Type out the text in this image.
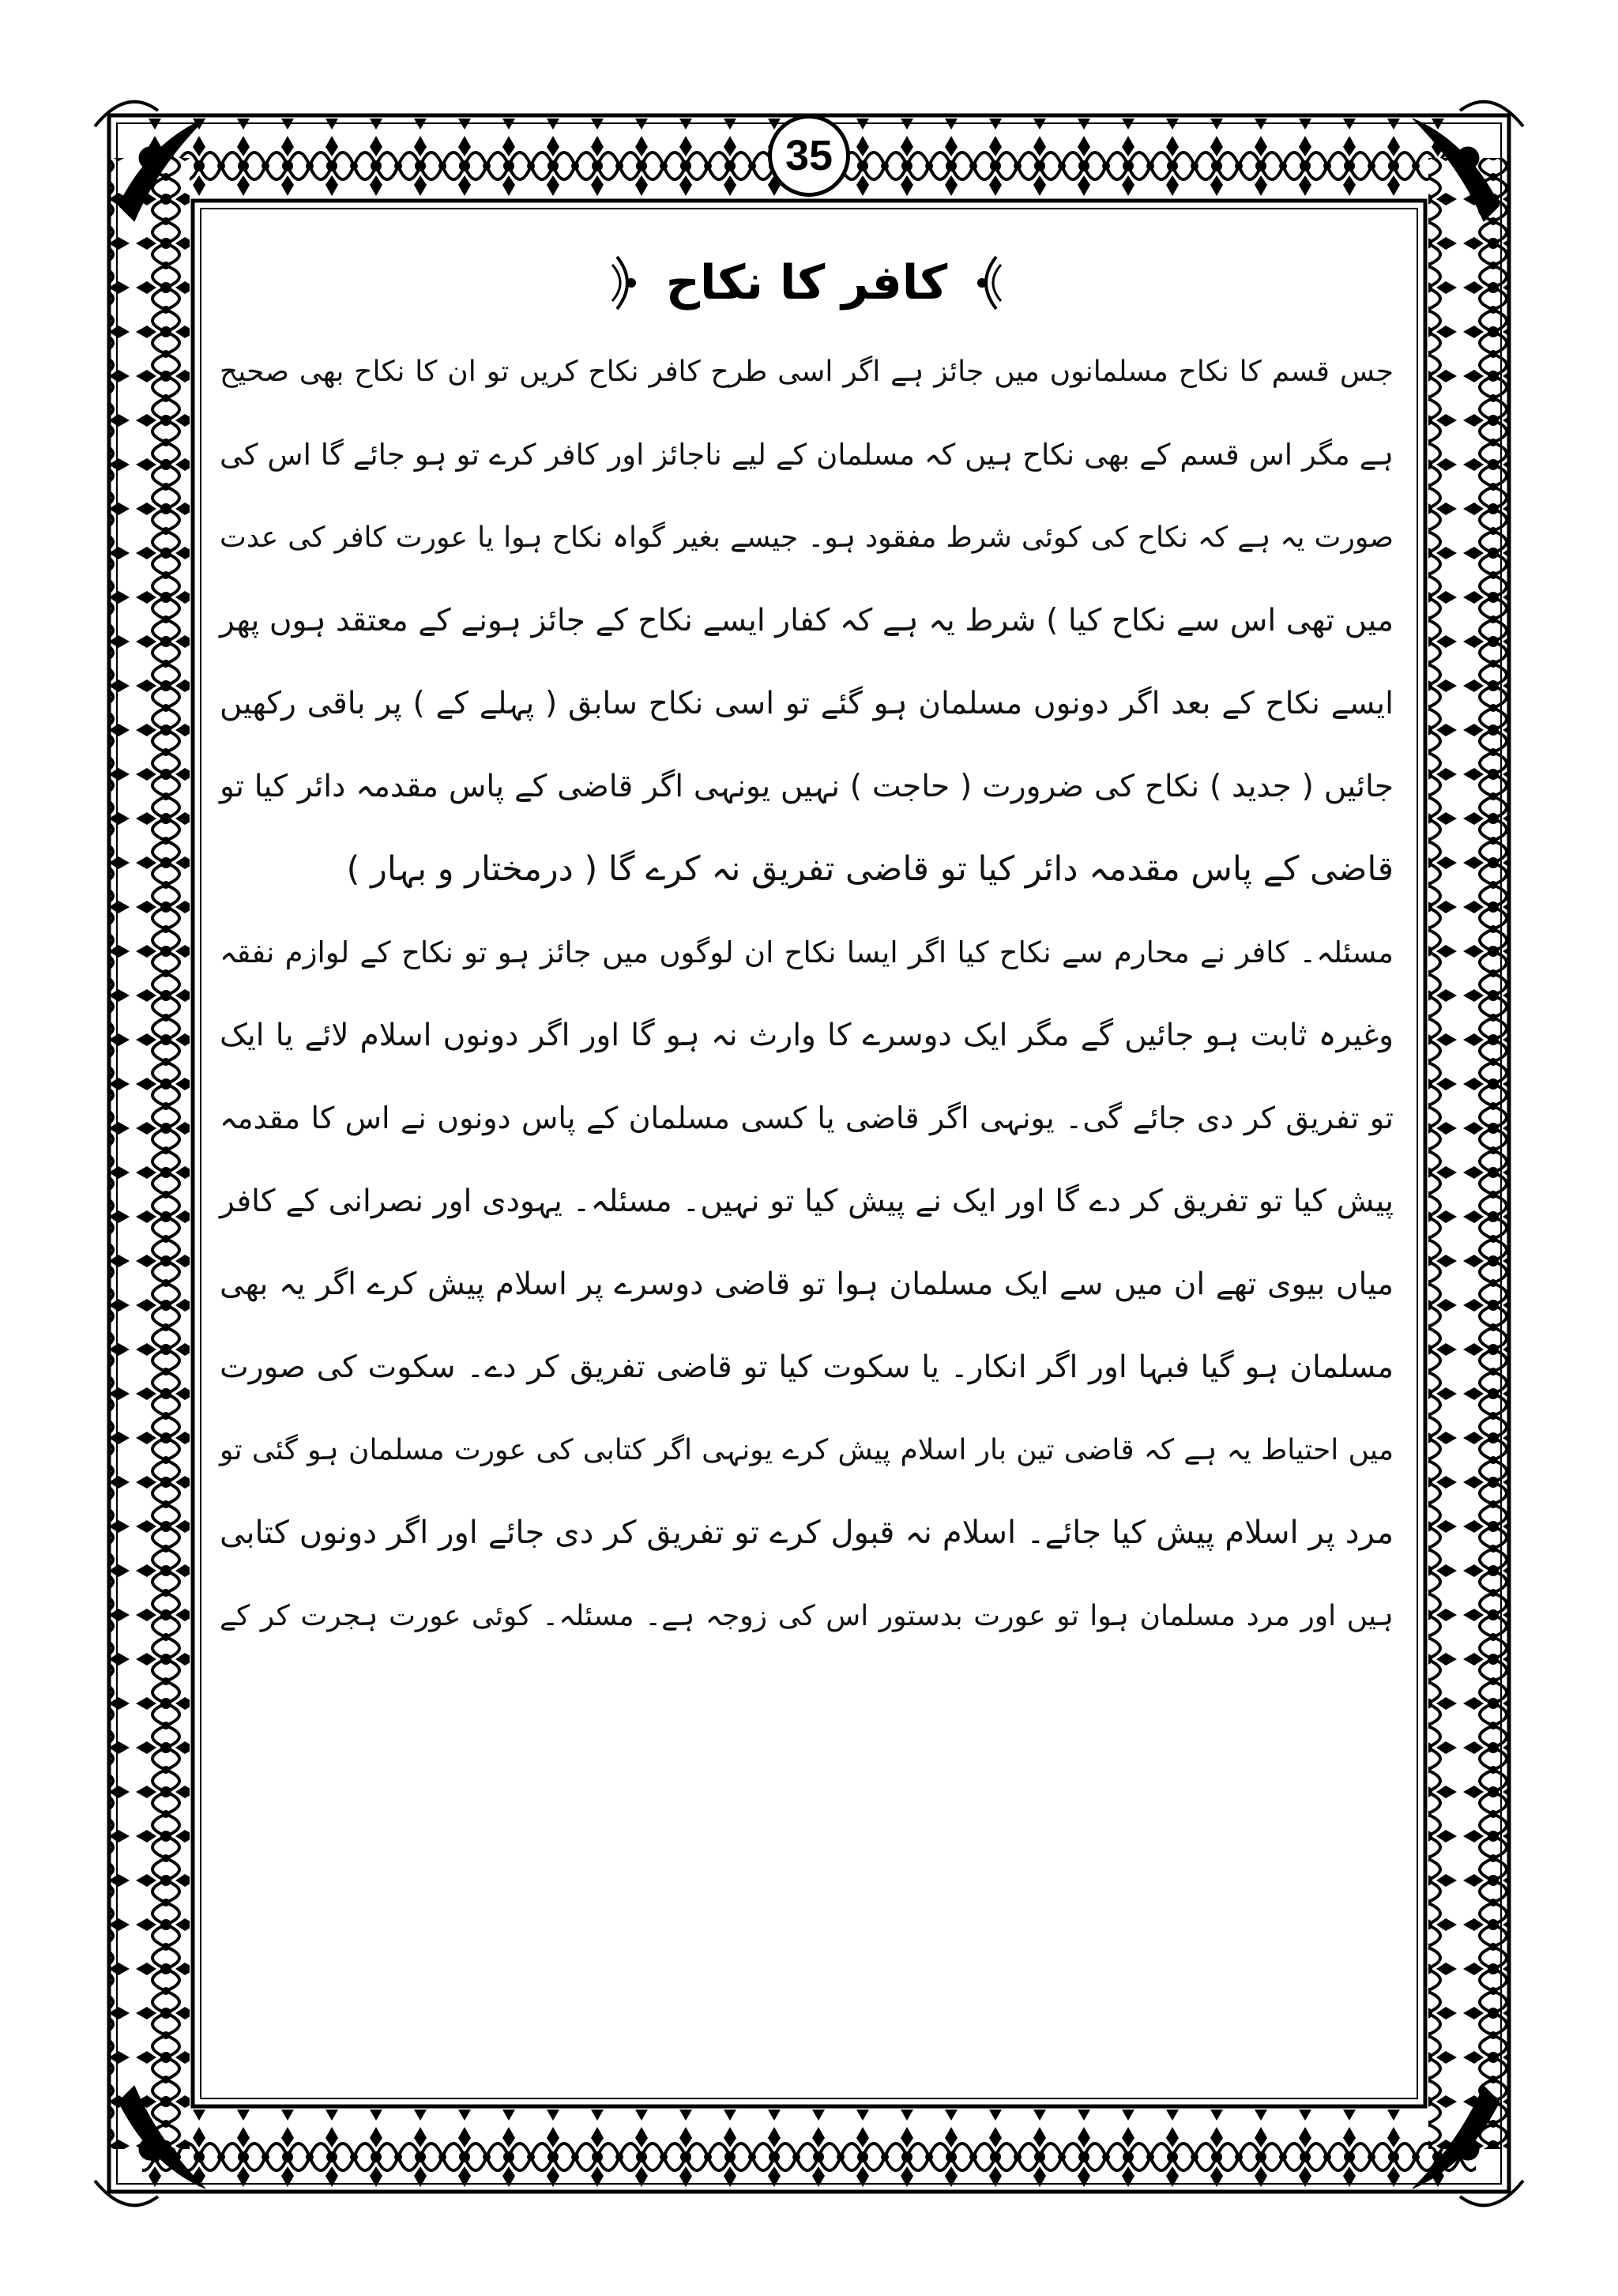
35
کافر کا نکاح
جس قسم کا نکاح مسلمانوں میں جائز ہے اگر اسی طرح کافر نکاح کریں تو ان کا نکاح بھی صحیح
ہے مگر اس قسم کے بھی نکاح ہیں کہ مسلمان کے لیے ناجائز اور کافر کرے تو ہو جائے گا اس کی
صورت یہ ہے کہ نکاح کی کوئی شرط مفقود ہو۔ جیسے بغیر گواہ نکاح ہوا یا عورت کافر کی عدت
میں تھی اس سے نکاح کیا ) شرط یہ ہے کہ کفار ایسے نکاح کے جائز ہونے کے معتقد ہوں پھر
ایسے نکاح کے بعد اگر دونوں مسلمان ہو گئے تو اسی نکاح سابق ( پہلے کے ) پر باقی رکھیں
جائیں ( جدید ) نکاح کی ضرورت ( حاجت ) نہیں یونہی اگر قاضی کے پاس مقدمہ دائر کیا تو
قاضی کے پاس مقدمہ دائر کیا تو قاضی تفریق نہ کرے گا ( درمختار و بہار )
مسئلہ۔ کافر نے محارم سے نکاح کیا اگر ایسا نکاح ان لوگوں میں جائز ہو تو نکاح کے لوازم نفقہ
وغیرہ ثابت ہو جائیں گے مگر ایک دوسرے کا وارث نہ ہو گا اور اگر دونوں اسلام لائے یا ایک
تو تفریق کر دی جائے گی۔ یونہی اگر قاضی یا کسی مسلمان کے پاس دونوں نے اس کا مقدمہ
پیش کیا تو تفریق کر دے گا اور ایک نے پیش کیا تو نہیں۔ مسئلہ۔ یہودی اور نصرانی کے کافر
میاں بیوی تھے ان میں سے ایک مسلمان ہوا تو قاضی دوسرے پر اسلام پیش کرے اگر یہ بھی
مسلمان ہو گیا فبہا اور اگر انکار۔ یا سکوت کیا تو قاضی تفریق کر دے۔ سکوت کی صورت
میں احتیاط یہ ہے کہ قاضی تین بار اسلام پیش کرے یونہی اگر کتابی کی عورت مسلمان ہو گئی تو
مرد پر اسلام پیش کیا جائے۔ اسلام نہ قبول کرے تو تفریق کر دی جائے اور اگر دونوں کتابی
ہیں اور مرد مسلمان ہوا تو عورت بدستور اس کی زوجہ ہے۔ مسئلہ۔ کوئی عورت ہجرت کر کے
